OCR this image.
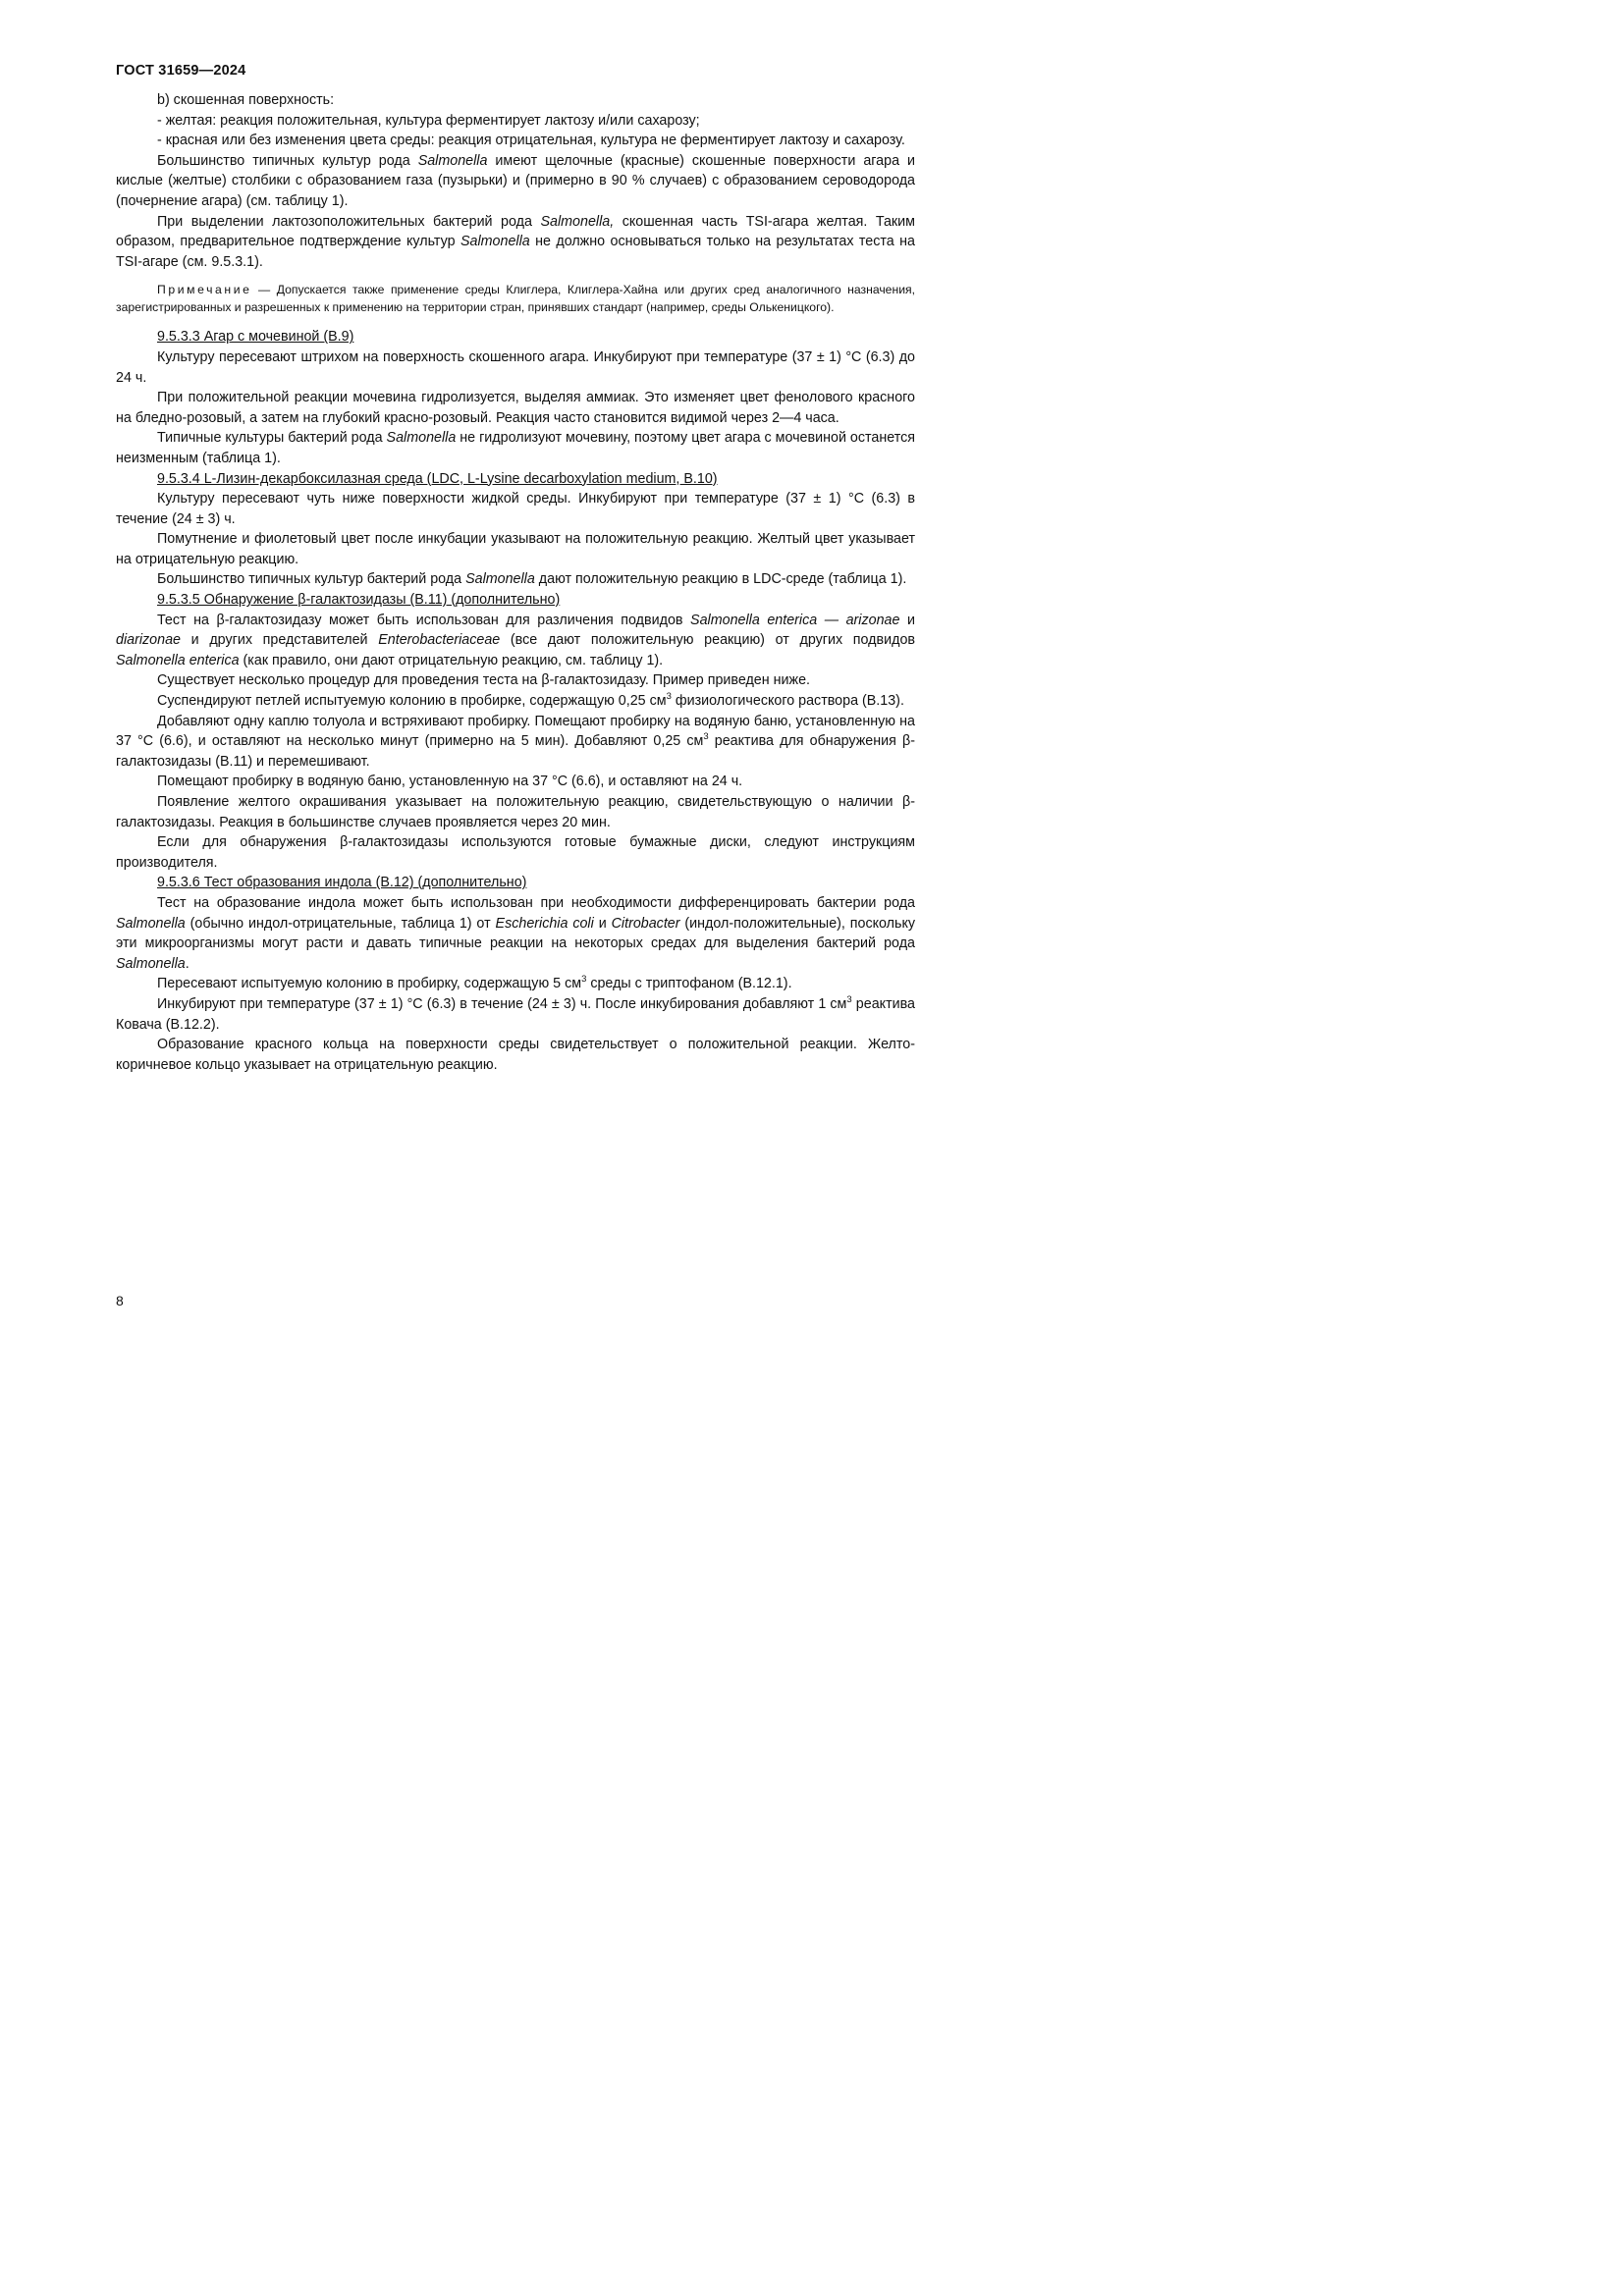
ГОСТ 31659—2024

b) скошенная поверхность:

- желтая: реакция положительная, культура ферментирует лактозу и/или сахарозу;

- красная или без изменения цвета среды: реакция отрицательная, культура не ферментирует лактозу и сахарозу.

Большинство типичных культур рода Salmonella имеют щелочные (красные) скошенные поверхности агара и кислые (желтые) столбики с образованием газа (пузырьки) и (примерно в 90 % случаев) с образованием сероводорода (почернение агара) (см. таблицу 1).

При выделении лактозоположительных бактерий рода Salmonella, скошенная часть TSI-агара желтая. Таким образом, предварительное подтверждение культур Salmonella не должно основываться только на результатах теста на TSI-агаре (см. 9.5.3.1).

Примечание — Допускается также применение среды Клиглера, Клиглера-Хайна или других сред аналогичного назначения, зарегистрированных и разрешенных к применению на территории стран, принявших стандарт (например, среды Олькеницкого).

9.5.3.3 Агар с мочевиной (В.9)

Культуру пересевают штрихом на поверхность скошенного агара. Инкубируют при температуре (37 ± 1) °С (6.3) до 24 ч.

При положительной реакции мочевина гидролизуется, выделяя аммиак. Это изменяет цвет фенолового красного на бледно-розовый, а затем на глубокий красно-розовый. Реакция часто становится видимой через 2—4 часа.

Типичные культуры бактерий рода Salmonella не гидролизуют мочевину, поэтому цвет агара с мочевиной останется неизменным (таблица 1).

9.5.3.4 L-Лизин-декарбоксилазная среда (LDC, L-Lysine decarboxylation medium, В.10)

Культуру пересевают чуть ниже поверхности жидкой среды. Инкубируют при температуре (37 ± 1) °С (6.3) в течение (24 ± 3) ч.

Помутнение и фиолетовый цвет после инкубации указывают на положительную реакцию. Желтый цвет указывает на отрицательную реакцию.

Большинство типичных культур бактерий рода Salmonella дают положительную реакцию в LDC-среде (таблица 1).

9.5.3.5 Обнаружение β-галактозидазы (В.11) (дополнительно)

Тест на β-галактозидазу может быть использован для различения подвидов Salmonella enterica — arizonae и diarizonae и других представителей Enterobacteriaceae (все дают положительную реакцию) от других подвидов Salmonella enterica (как правило, они дают отрицательную реакцию, см. таблицу 1).

Существует несколько процедур для проведения теста на β-галактозидазу. Пример приведен ниже.

Суспендируют петлей испытуемую колонию в пробирке, содержащую 0,25 $см^3$ физиологического раствора (В.13).

Добавляют одну каплю толуола и встряхивают пробирку. Помещают пробирку на водяную баню, установленную на 37 °С (6.6), и оставляют на несколько минут (примерно на 5 мин). Добавляют 0,25 $см^3$ реактива для обнаружения β-галактозидазы (В.11) и перемешивают.

Помещают пробирку в водяную баню, установленную на 37 °С (6.6), и оставляют на 24 ч.

Появление желтого окрашивания указывает на положительную реакцию, свидетельствующую о наличии β-галактозидазы. Реакция в большинстве случаев проявляется через 20 мин.

Если для обнаружения β-галактозидазы используются готовые бумажные диски, следуют инструкциям производителя.

9.5.3.6 Тест образования индола (В.12) (дополнительно)

Тест на образование индола может быть использован при необходимости дифференцировать бактерии рода Salmonella (обычно индол-отрицательные, таблица 1) от Escherichia coli и Citrobacter (индол-положительные), поскольку эти микроорганизмы могут расти и давать типичные реакции на некоторых средах для выделения бактерий рода Salmonella.

Пересевают испытуемую колонию в пробирку, содержащую 5 $см^3$ среды с триптофаном (В.12.1).

Инкубируют при температуре (37 ± 1) °С (6.3) в течение (24 ± 3) ч. После инкубирования добавляют 1 $см^3$ реактива Ковача (В.12.2).

Образование красного кольца на поверхности среды свидетельствует о положительной реакции. Желто-коричневое кольцо указывает на отрицательную реакцию.

8
